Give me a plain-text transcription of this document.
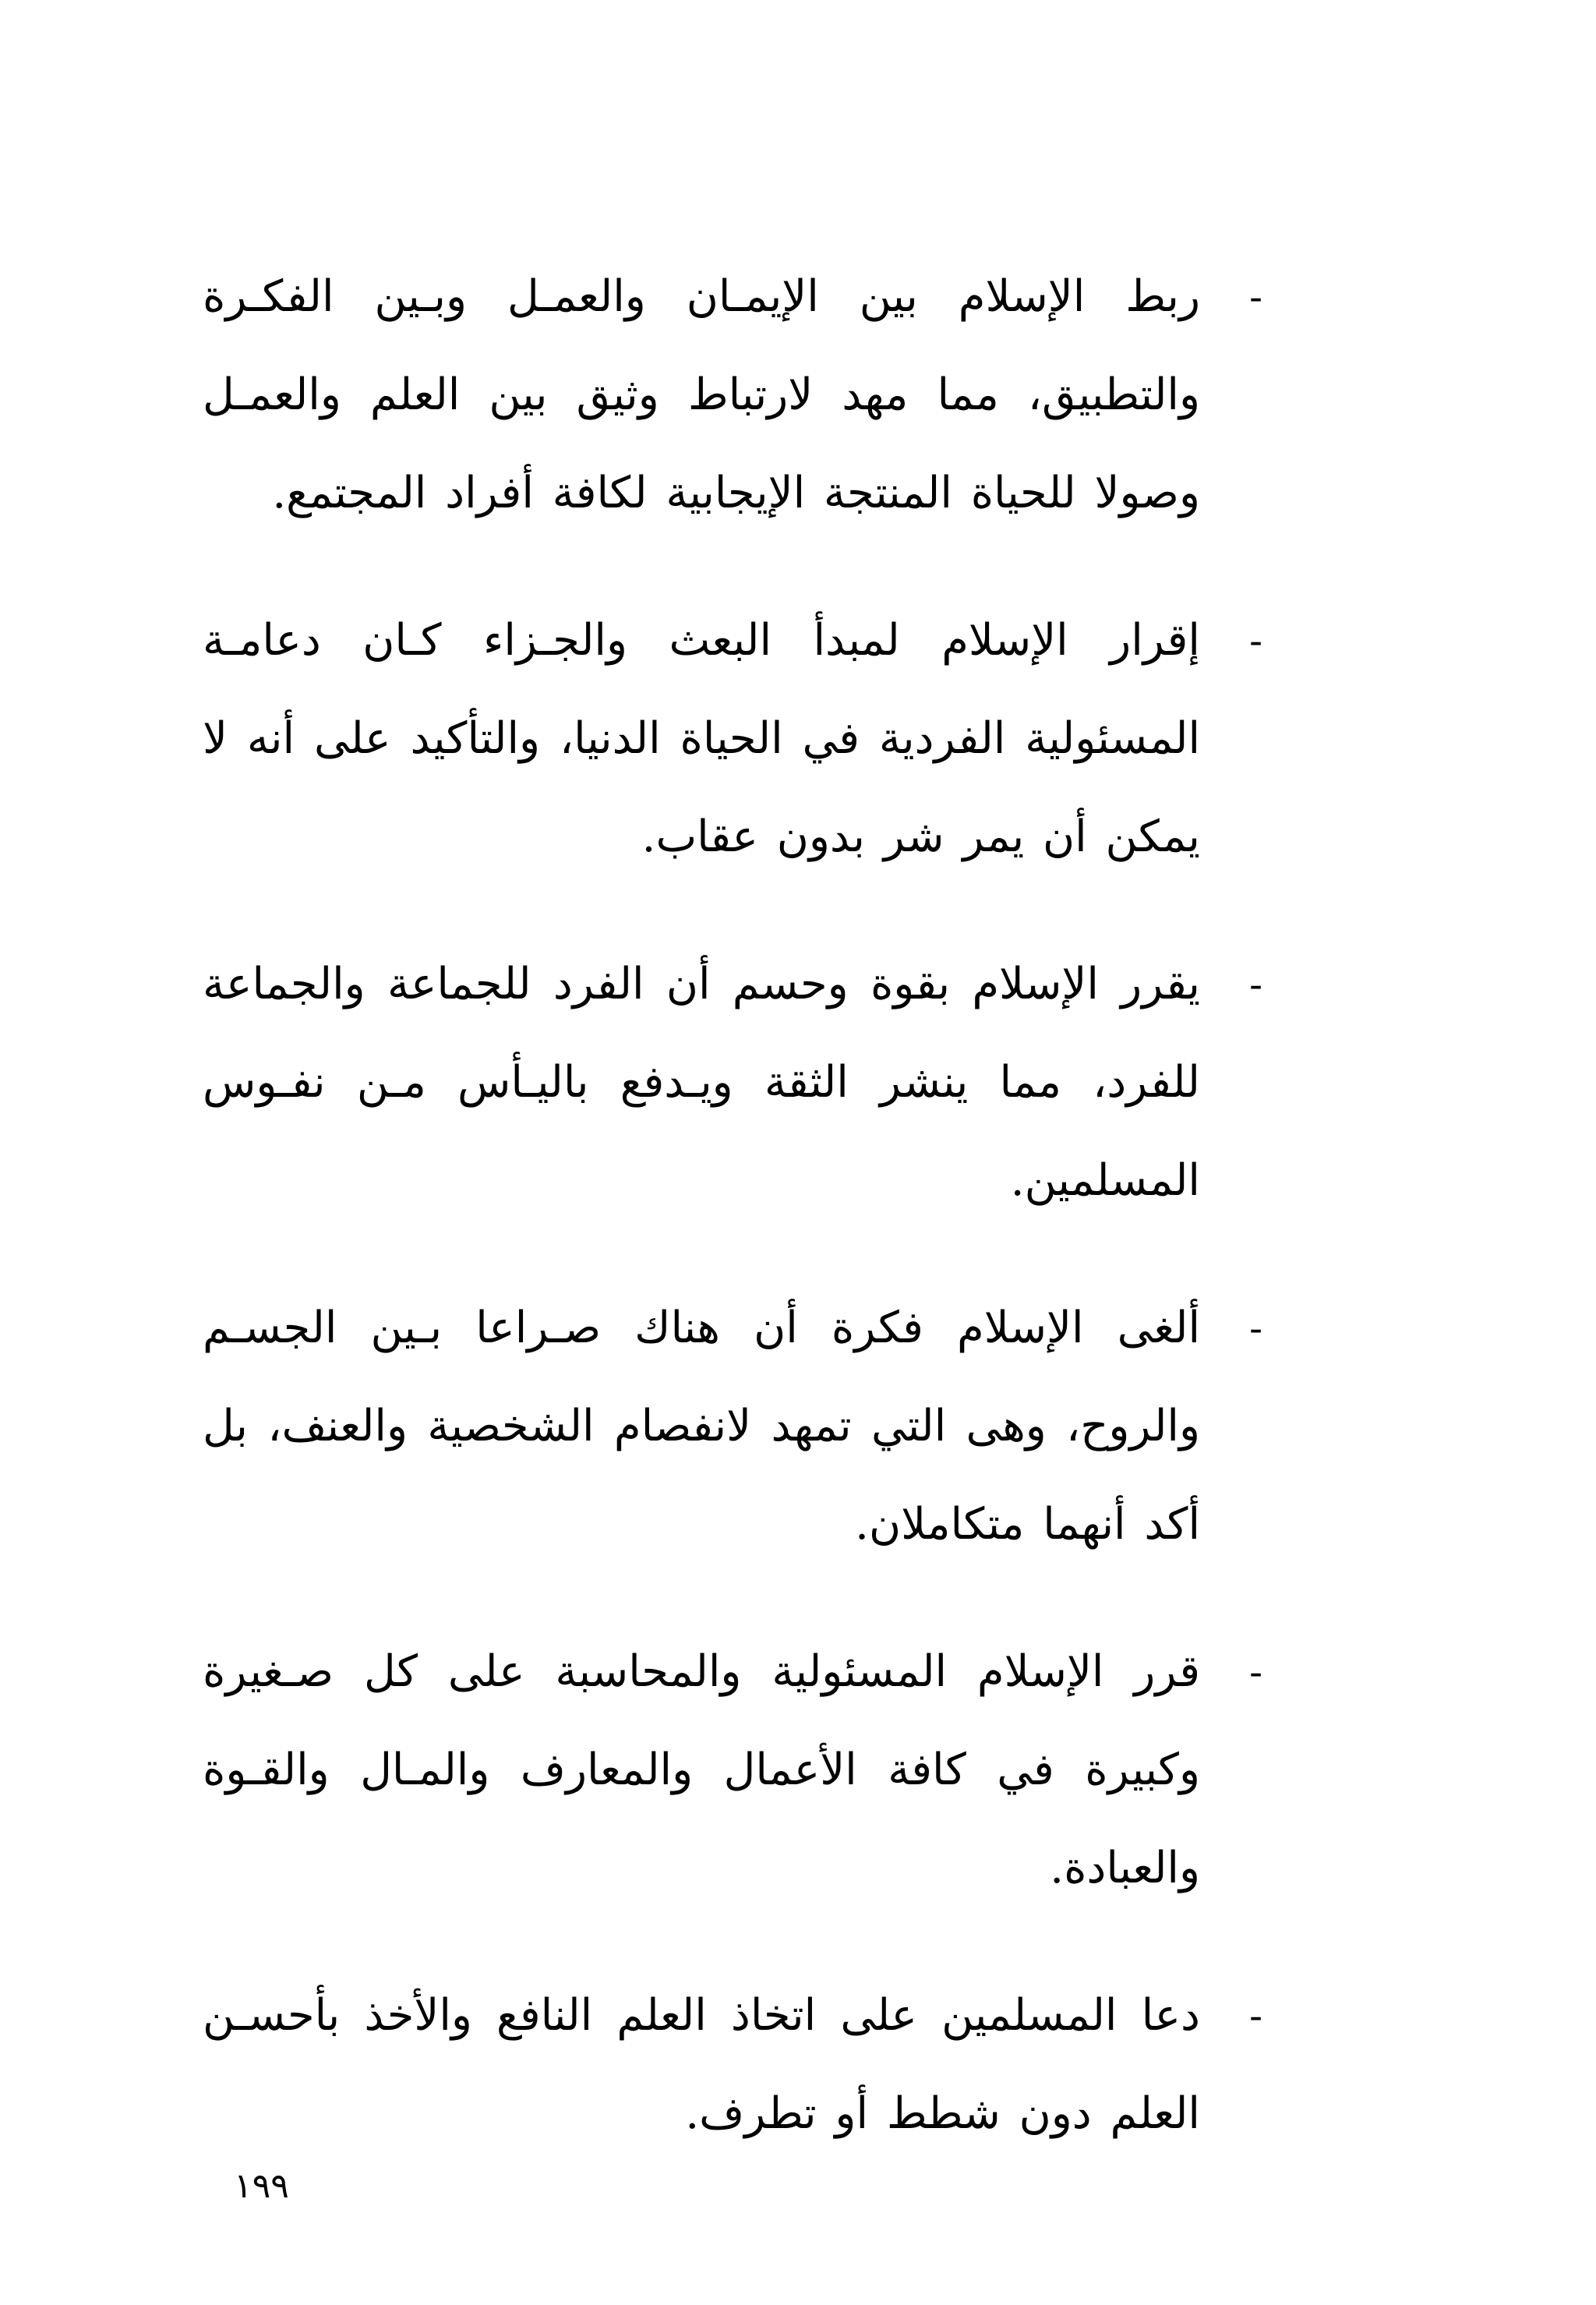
-
ربط الإسلام بين الإيمـان والعمـل وبـين الفكـرة والتطبيق، مما مهد لارتباط وثيق بين العلم والعمـل وصولا للحياة المنتجة الإيجابية لكافة أفراد المجتمع.
-
إقرار الإسلام لمبدأ البعث والجـزاء كـان دعامـة المسئولية الفردية في الحياة الدنيا، والتأكيد على أنه لا يمكن أن يمر شر بدون عقاب.
-
يقرر الإسلام بقوة وحسم أن الفرد للجماعة والجماعة للفرد، مما ينشر الثقة ويـدفع باليـأس مـن نفـوس المسلمين.
-
ألغى الإسلام فكرة أن هناك صـراعا بـين الجسـم والروح، وهى التي تمهد لانفصام الشخصية والعنف، بل أكد أنهما متكاملان.
-
قرر الإسلام المسئولية والمحاسبة على كل صـغيرة وكبيرة في كافة الأعمال والمعارف والمـال والقـوة والعبادة.
-
دعا المسلمين على اتخاذ العلم النافع والأخذ بأحسـن العلم دون شطط أو تطرف.
١٩٩
